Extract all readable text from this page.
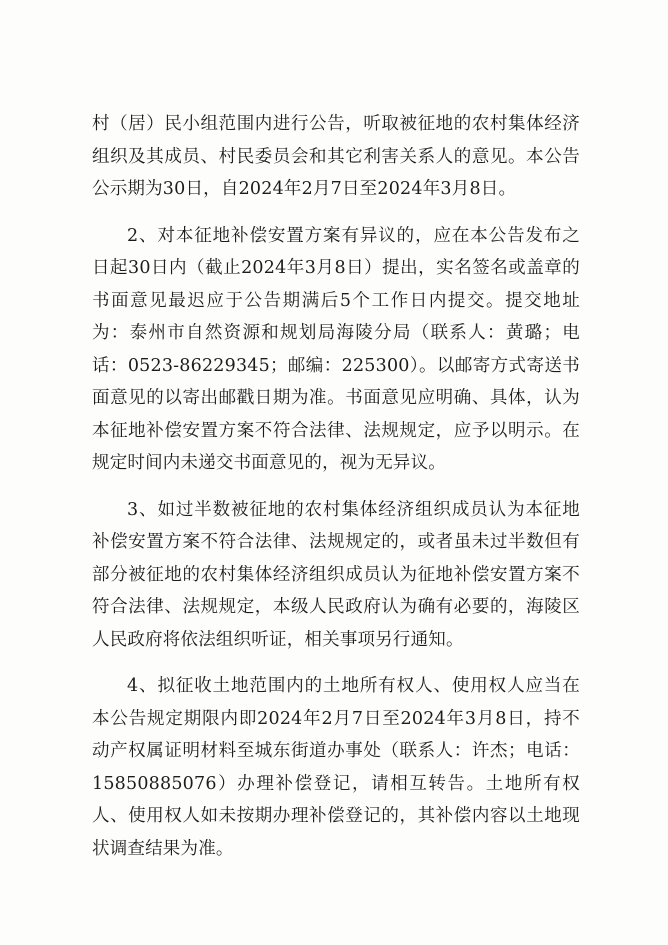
村（居）民小组范围内进行公告，听取被征地的农村集体经济组织及其成员、村民委员会和其它利害关系人的意见。本公告公示期为30日，自2024年2月7日至2024年3月8日。

2、对本征地补偿安置方案有异议的，应在本公告发布之日起30日内（截止2024年3月8日）提出，实名签名或盖章的书面意见最迟应于公告期满后5个工作日内提交。提交地址为：泰州市自然资源和规划局海陵分局（联系人：黄璐；电话：0523-86229345；邮编：225300）。以邮寄方式寄送书面意见的以寄出邮戳日期为准。书面意见应明确、具体，认为本征地补偿安置方案不符合法律、法规规定，应予以明示。在规定时间内未递交书面意见的，视为无异议。

3、如过半数被征地的农村集体经济组织成员认为本征地补偿安置方案不符合法律、法规规定的，或者虽未过半数但有部分被征地的农村集体经济组织成员认为征地补偿安置方案不符合法律、法规规定，本级人民政府认为确有必要的，海陵区人民政府将依法组织听证，相关事项另行通知。

4、拟征收土地范围内的土地所有权人、使用权人应当在本公告规定期限内即2024年2月7日至2024年3月8日，持不动产权属证明材料至城东街道办事处（联系人：许杰；电话：15850885076）办理补偿登记，请相互转告。土地所有权人、使用权人如未按期办理补偿登记的，其补偿内容以土地现状调查结果为准。
